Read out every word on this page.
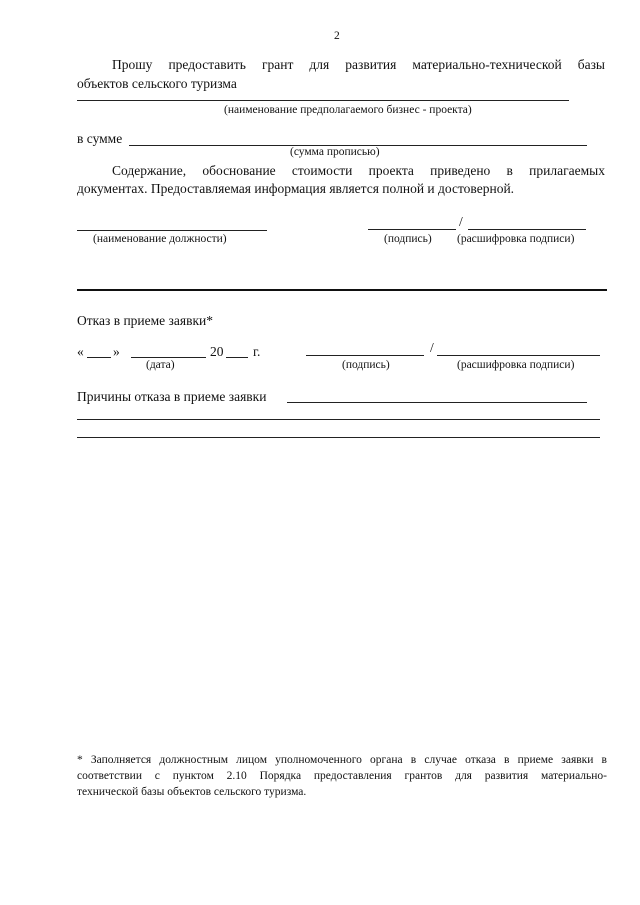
2
Прошу предоставить грант для развития материально-технической базы
объектов сельского туризма
(наименование предполагаемого бизнес - проекта)
в сумме
(сумма прописью)
Содержание, обоснование стоимости проекта приведено в прилагаемых
документах. Предоставляемая информация является полной и достоверной.
(наименование должности)
/
(подпись) (расшифровка подписи)
Отказ в приеме заявки*
« »	20 г.
(дата)
/
(подпись)	(расшифровка подписи)
Причины отказа в приеме заявки
* Заполняется должностным лицом уполномоченного органа в случае отказа в приеме заявки в
соответствии с пунктом 2.10 Порядка предоставления грантов для развития материально-
технической базы объектов сельского туризма.
